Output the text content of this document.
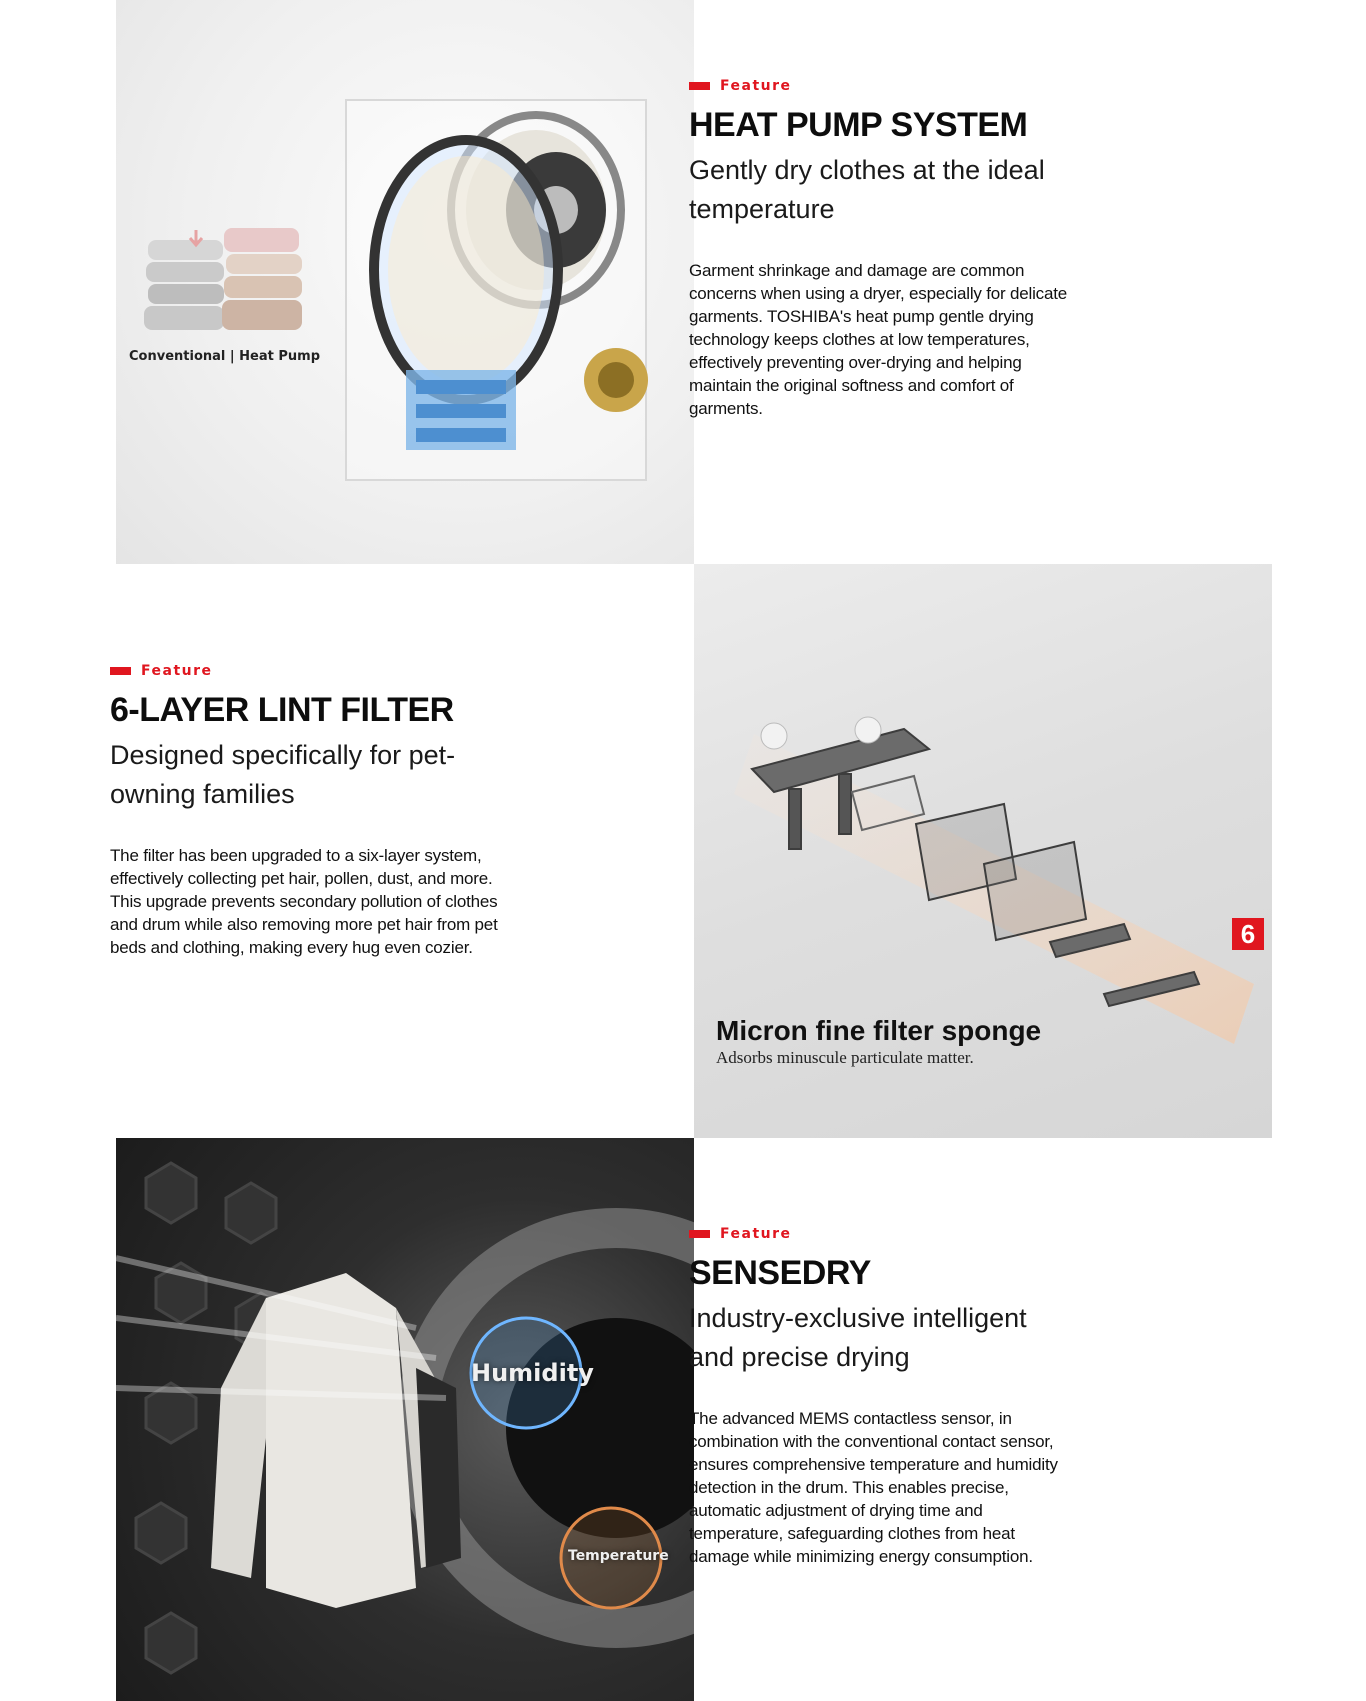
Conventional | Heat Pump
Feature
HEAT PUMP SYSTEM
Gently dry clothes at the ideal temperature
Garment shrinkage and damage are common concerns when using a dryer, especially for delicate garments. TOSHIBA's heat pump gentle drying technology keeps clothes at low temperatures, effectively preventing over-drying and helping maintain the original softness and comfort of garments.
6
Micron fine filter sponge
Adsorbs minuscule particulate matter.
Feature
6-LAYER LINT FILTER
Designed specifically for pet-owning families
The filter has been upgraded to a six-layer system, effectively collecting pet hair, pollen, dust, and more. This upgrade prevents secondary pollution of clothes and drum while also removing more pet hair from pet beds and clothing, making every hug even cozier.
Humidity
Temperature
Feature
SENSEDRY
Industry-exclusive intelligent and precise drying
The advanced MEMS contactless sensor, in combination with the conventional contact sensor, ensures comprehensive temperature and humidity detection in the drum. This enables precise, automatic adjustment of drying time and temperature, safeguarding clothes from heat damage while minimizing energy consumption.
